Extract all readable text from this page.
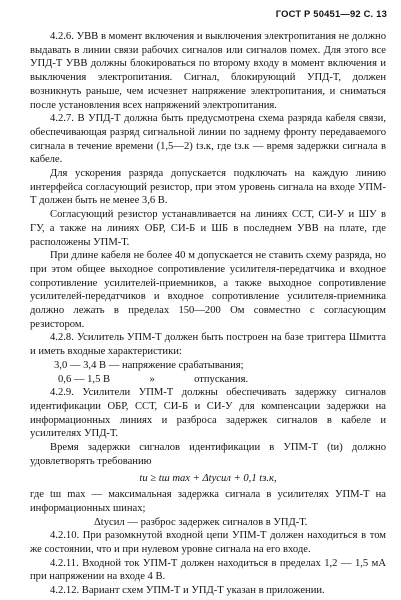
ГОСТ Р 50451—92 С. 13

4.2.6. УВВ в момент включения и выключения электропитания не должно выдавать в линии связи рабочих сигналов или сигналов помех. Для этого все УПД-Т УВВ должны блокироваться по второму входу в момент включения и выключения электропитания. Сигнал, блокирующий УПД-Т, должен возникнуть раньше, чем исчезнет напряжение электропитания, и сниматься после установления всех напряжений электропитания.

4.2.7. В УПД-Т должна быть предусмотрена схема разряда кабеля связи, обеспечивающая разряд сигнальной линии по заднему фронту передаваемого сигнала в течение времени (1,5—2) tз.к, где tз.к — время задержки сигнала в кабеле.

Для ускорения разряда допускается подключать на каждую линию интерфейса согласующий резистор, при этом уровень сигнала на входе УПМ-Т должен быть не менее 3,6 В.

Согласующий резистор устанавливается на линиях ССТ, СИ-У и ШУ в ГУ, а также на линиях ОБР, СИ-Б и ШБ в последнем УВВ на плате, где расположены УПМ-Т.

При длине кабеля не более 40 м допускается не ставить схему разряда, но при этом общее выходное сопротивление усилителя-передатчика и входное сопротивление усилителей-приемников, а также выходное сопротивление усилителей-передатчиков и входное сопротивление усилителя-приемника должно лежать в пределах 150—200 Ом совместно с согласующим резистором.

4.2.8. Усилитель УПМ-Т должен быть построен на базе триггера Шмитта и иметь входные характеристики:

3,0 — 3,4 В — напряжение срабатывания;

0,6 — 1,5 В	»	отпускания.

4.2.9. Усилители УПМ-Т должны обеспечивать задержку сигналов идентификации ОБР, ССТ, СИ-Б и СИ-У для компенсации задержки на информационных линиях и разброса задержек сигналов в кабеле и усилителях УПД-Т.

Время задержки сигналов идентификации в УПМ-Т (tи) должно удовлетворять требованию

tи ≥ tш max + Δtусил + 0,1 tз.к,

где tш max — максимальная задержка сигнала в усилителях УПМ-Т на информационных шинах;

Δtусил — разброс задержек сигналов в УПД-Т.

4.2.10. При разомкнутой входной цепи УПМ-Т должен находиться в том же состоянии, что и при нулевом уровне сигнала на его входе.

4.2.11. Входной ток УПМ-Т должен находиться в пределах 1,2 — 1,5 мА при напряжении на входе 4 В.

4.2.12. Вариант схем УПМ-Т и УПД-Т указан в приложении.
